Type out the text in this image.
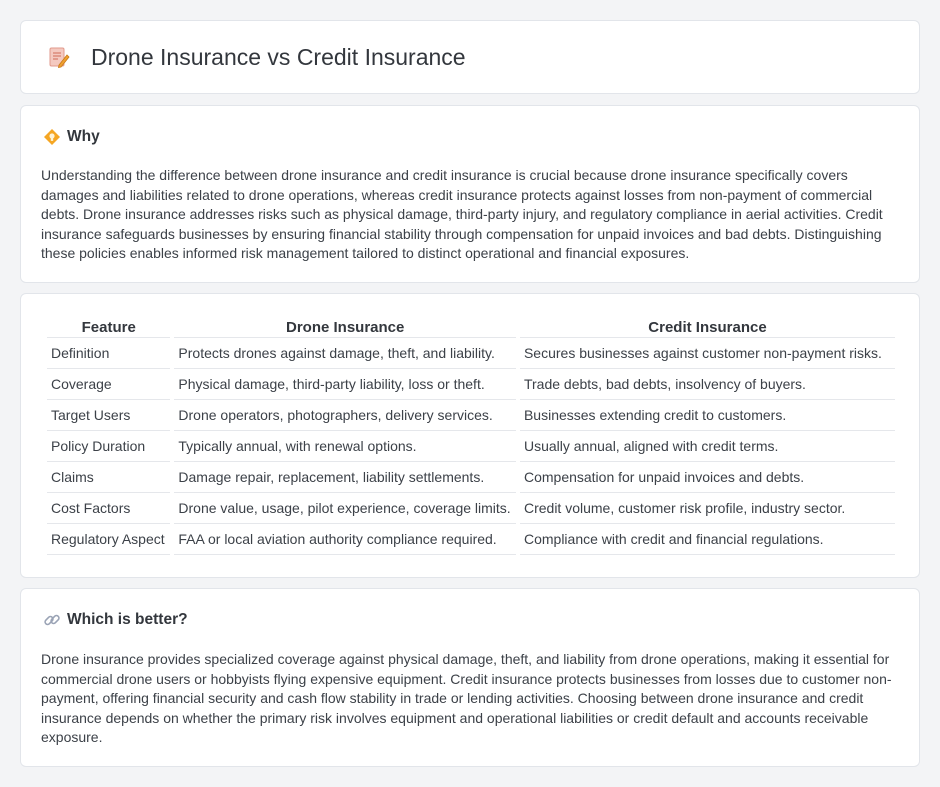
Drone Insurance vs Credit Insurance
Why

Understanding the difference between drone insurance and credit insurance is crucial because drone insurance specifically covers damages and liabilities related to drone operations, whereas credit insurance protects against losses from non-payment of commercial debts. Drone insurance addresses risks such as physical damage, third-party injury, and regulatory compliance in aerial activities. Credit insurance safeguards businesses by ensuring financial stability through compensation for unpaid invoices and bad debts. Distinguishing these policies enables informed risk management tailored to distinct operational and financial exposures.

Feature	Drone Insurance	Credit Insurance
Definition	Protects drones against damage, theft, and liability.	Secures businesses against customer non-payment risks.
Coverage	Physical damage, third-party liability, loss or theft.	Trade debts, bad debts, insolvency of buyers.
Target Users	Drone operators, photographers, delivery services.	Businesses extending credit to customers.
Policy Duration	Typically annual, with renewal options.	Usually annual, aligned with credit terms.
Claims	Damage repair, replacement, liability settlements.	Compensation for unpaid invoices and debts.
Cost Factors	Drone value, usage, pilot experience, coverage limits.	Credit volume, customer risk profile, industry sector.
Regulatory Aspect	FAA or local aviation authority compliance required.	Compliance with credit and financial regulations.
Which is better?

Drone insurance provides specialized coverage against physical damage, theft, and liability from drone operations, making it essential for commercial drone users or hobbyists flying expensive equipment. Credit insurance protects businesses from losses due to customer non-payment, offering financial security and cash flow stability in trade or lending activities. Choosing between drone insurance and credit insurance depends on whether the primary risk involves equipment and operational liabilities or credit default and accounts receivable exposure.
